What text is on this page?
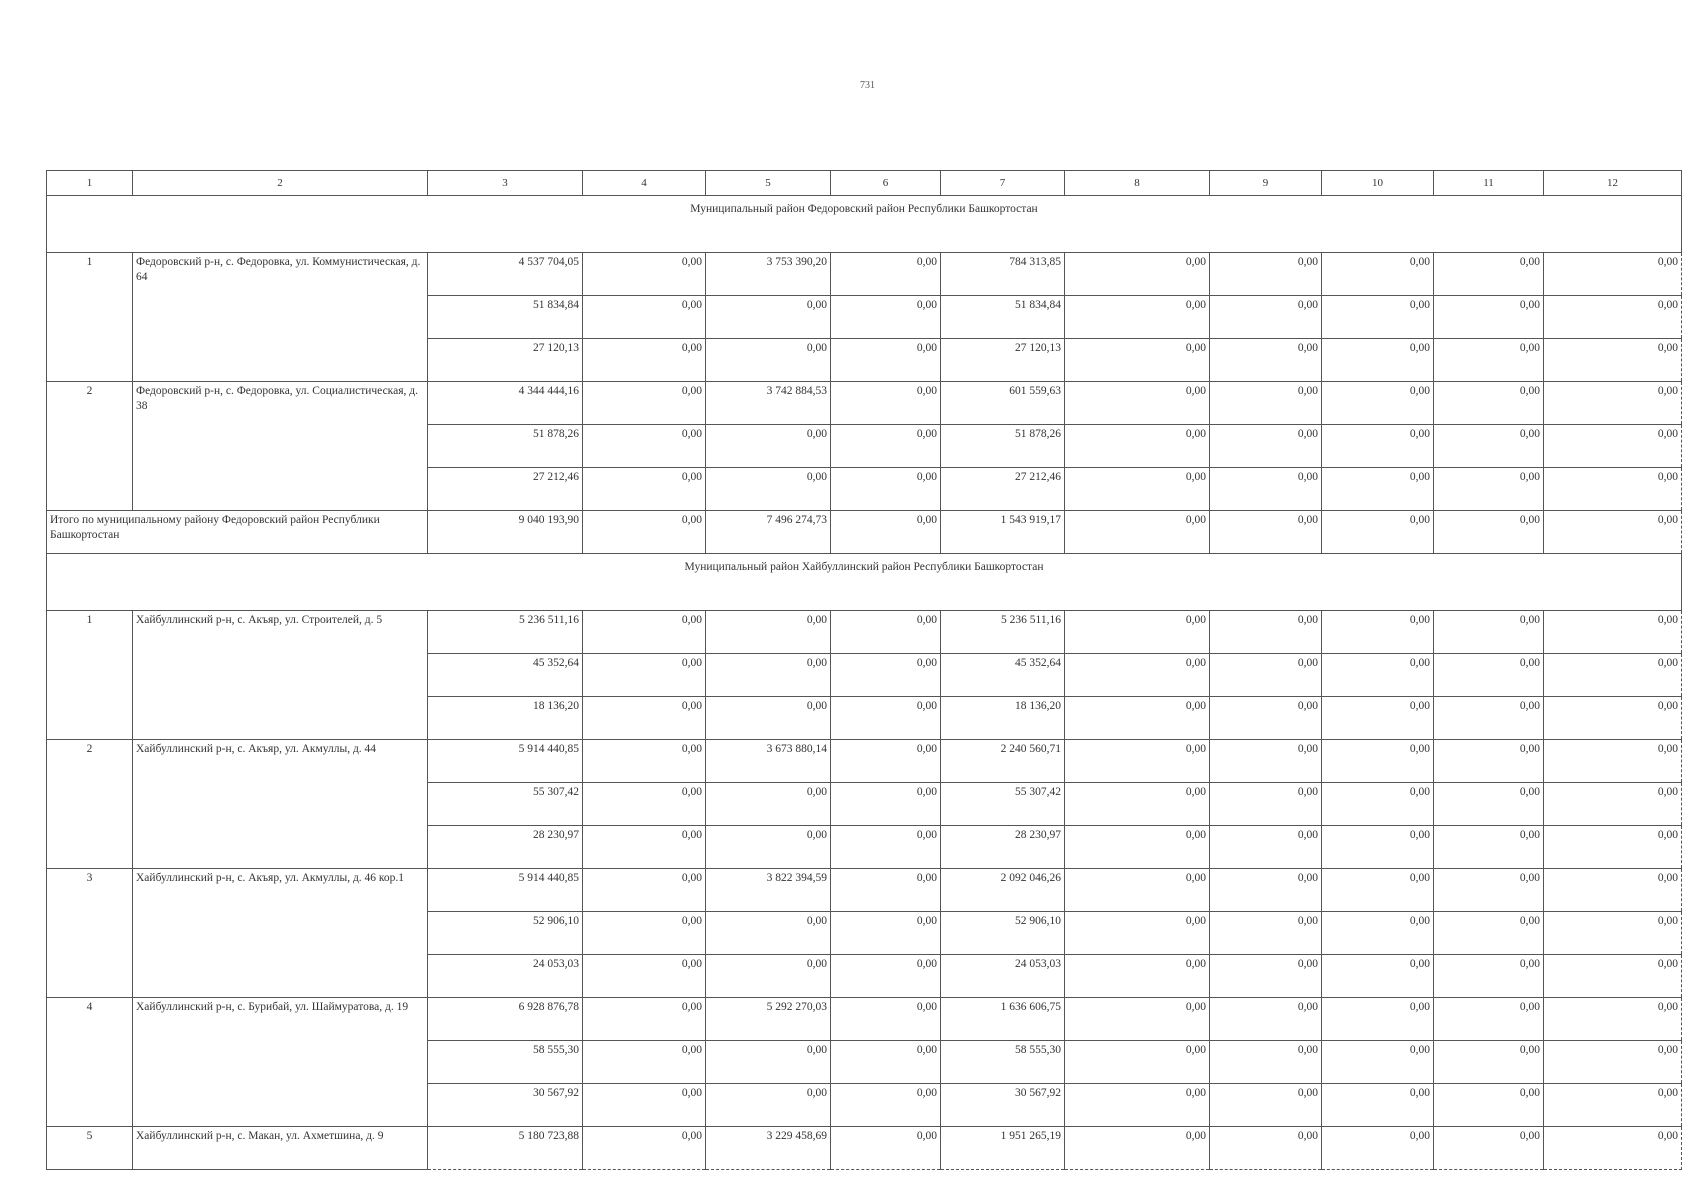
731
1	2	3	4	5	6	7	8	9	10	11	12
Муниципальный район Федоровский район Республики Башкортостан											
1	Федоровский р-н, с. Федоровка, ул. Коммунистическая, д. 64	4 537 704,05	0,00	3 753 390,20	0,00	784 313,85	0,00	0,00	0,00	0,00	0,00
		51 834,84	0,00	0,00	0,00	51 834,84	0,00	0,00	0,00	0,00	0,00
		27 120,13	0,00	0,00	0,00	27 120,13	0,00	0,00	0,00	0,00	0,00
2	Федоровский р-н, с. Федоровка, ул. Социалистическая, д. 38	4 344 444,16	0,00	3 742 884,53	0,00	601 559,63	0,00	0,00	0,00	0,00	0,00
		51 878,26	0,00	0,00	0,00	51 878,26	0,00	0,00	0,00	0,00	0,00
		27 212,46	0,00	0,00	0,00	27 212,46	0,00	0,00	0,00	0,00	0,00
Итого по муниципальному району Федоровский район Республики Башкортостан		9 040 193,90	0,00	7 496 274,73	0,00	1 543 919,17	0,00	0,00	0,00	0,00	0,00
Муниципальный район Хайбуллинский район Республики Башкортостан											
1	Хайбуллинский р-н, с. Акъяр, ул. Строителей, д. 5	5 236 511,16	0,00	0,00	0,00	5 236 511,16	0,00	0,00	0,00	0,00	0,00
		45 352,64	0,00	0,00	0,00	45 352,64	0,00	0,00	0,00	0,00	0,00
		18 136,20	0,00	0,00	0,00	18 136,20	0,00	0,00	0,00	0,00	0,00
2	Хайбуллинский р-н, с. Акъяр, ул. Акмуллы, д. 44	5 914 440,85	0,00	3 673 880,14	0,00	2 240 560,71	0,00	0,00	0,00	0,00	0,00
		55 307,42	0,00	0,00	0,00	55 307,42	0,00	0,00	0,00	0,00	0,00
		28 230,97	0,00	0,00	0,00	28 230,97	0,00	0,00	0,00	0,00	0,00
3	Хайбуллинский р-н, с. Акъяр, ул. Акмуллы, д. 46 кор.1	5 914 440,85	0,00	3 822 394,59	0,00	2 092 046,26	0,00	0,00	0,00	0,00	0,00
		52 906,10	0,00	0,00	0,00	52 906,10	0,00	0,00	0,00	0,00	0,00
		24 053,03	0,00	0,00	0,00	24 053,03	0,00	0,00	0,00	0,00	0,00
4	Хайбуллинский р-н, с. Бурибай, ул. Шаймуратова, д. 19	6 928 876,78	0,00	5 292 270,03	0,00	1 636 606,75	0,00	0,00	0,00	0,00	0,00
		58 555,30	0,00	0,00	0,00	58 555,30	0,00	0,00	0,00	0,00	0,00
		30 567,92	0,00	0,00	0,00	30 567,92	0,00	0,00	0,00	0,00	0,00
5	Хайбуллинский р-н, с. Макан, ул. Ахметшина, д. 9	5 180 723,88	0,00	3 229 458,69	0,00	1 951 265,19	0,00	0,00	0,00	0,00	0,00
